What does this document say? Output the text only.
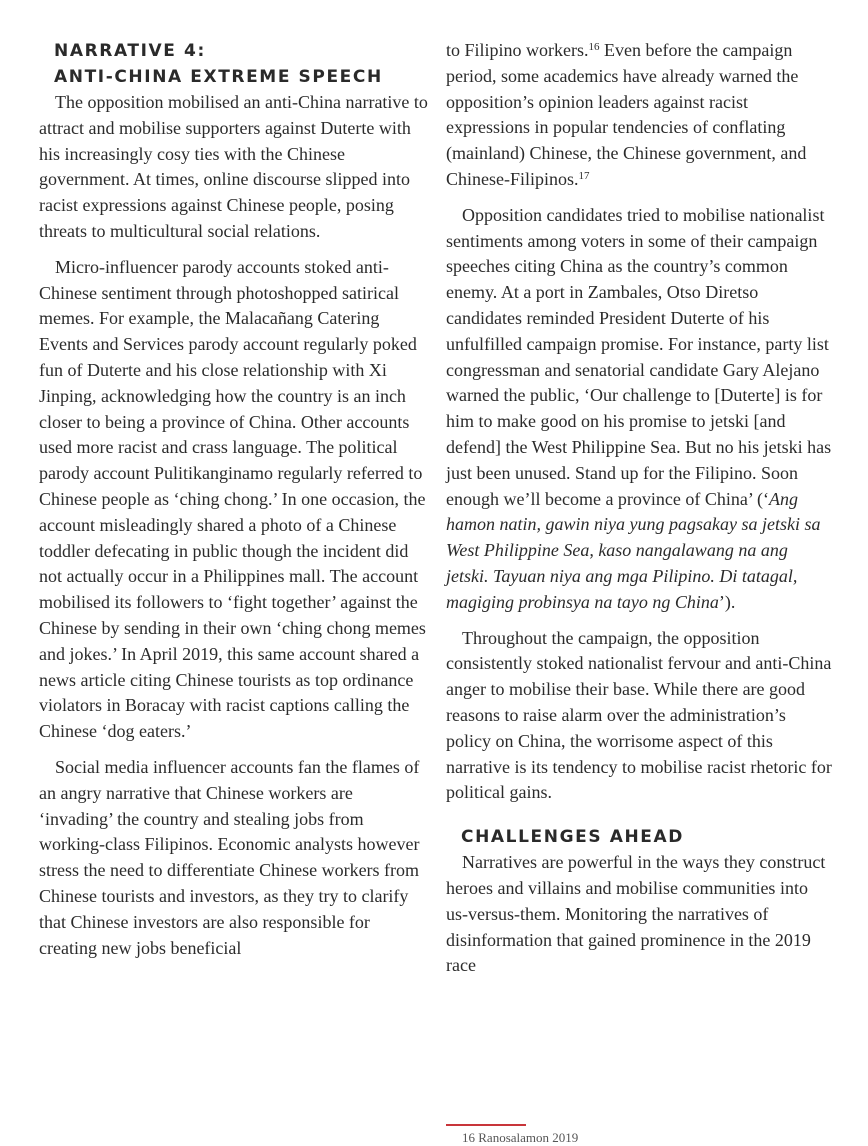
NARRATIVE 4:
ANTI-CHINA EXTREME SPEECH

The opposition mobilised an anti-China narrative to attract and mobilise supporters against Duterte with his increasingly cosy ties with the Chinese government. At times, online discourse slipped into racist expressions against Chinese people, posing threats to multicultural social relations.

Micro-influencer parody accounts stoked anti-Chinese sentiment through photoshopped satirical memes. For example, the Malacañang Catering Events and Services parody account regularly poked fun of Duterte and his close relationship with Xi Jinping, acknowledging how the country is an inch closer to being a province of China. Other accounts used more racist and crass language. The political parody account Pulitikanginamo regularly referred to Chinese people as ‘ching chong.’ In one occasion, the account misleadingly shared a photo of a Chinese toddler defecating in public though the incident did not actually occur in a Philippines mall. The account mobilised its followers to ‘fight together’ against the Chinese by sending in their own ‘ching chong memes and jokes.’ In April 2019, this same account shared a news article citing Chinese tourists as top ordinance violators in Boracay with racist captions calling the Chinese ‘dog eaters.’

Social media influencer accounts fan the flames of an angry narrative that Chinese workers are ‘invading’ the country and stealing jobs from working-class Filipinos. Economic analysts however stress the need to differentiate Chinese workers from Chinese tourists and investors, as they try to clarify that Chinese investors are also responsible for creating new jobs beneficial

to Filipino workers.$^{16}$ Even before the campaign period, some academics have already warned the opposition’s opinion leaders against racist expressions in popular tendencies of conflating (mainland) Chinese, the Chinese government, and Chinese-Filipinos.$^{17}$

Opposition candidates tried to mobilise nationalist sentiments among voters in some of their campaign speeches citing China as the country’s common enemy. At a port in Zambales, Otso Diretso candidates reminded President Duterte of his unfulfilled campaign promise. For instance, party list congressman and senatorial candidate Gary Alejano warned the public, ‘Our challenge to [Duterte] is for him to make good on his promise to jetski [and defend] the West Philippine Sea. But no his jetski has just been unused. Stand up for the Filipino. Soon enough we’ll become a province of China’ (‘Ang hamon natin, gawin niya yung pagsakay sa jetski sa West Philippine Sea, kaso nangalawang na ang jetski. Tayuan niya ang mga Pilipino. Di tatagal, magiging probinsya na tayo ng China’).

Throughout the campaign, the opposition consistently stoked nationalist fervour and anti-China anger to mobilise their base. While there are good reasons to raise alarm over the administration’s policy on China, the worrisome aspect of this narrative is its tendency to mobilise racist rhetoric for political gains.

CHALLENGES AHEAD

Narratives are powerful in the ways they construct heroes and villains and mobilise communities into us-versus-them. Monitoring the narratives of disinformation that gained prominence in the 2019 race

16 Ranosalamon 2019
